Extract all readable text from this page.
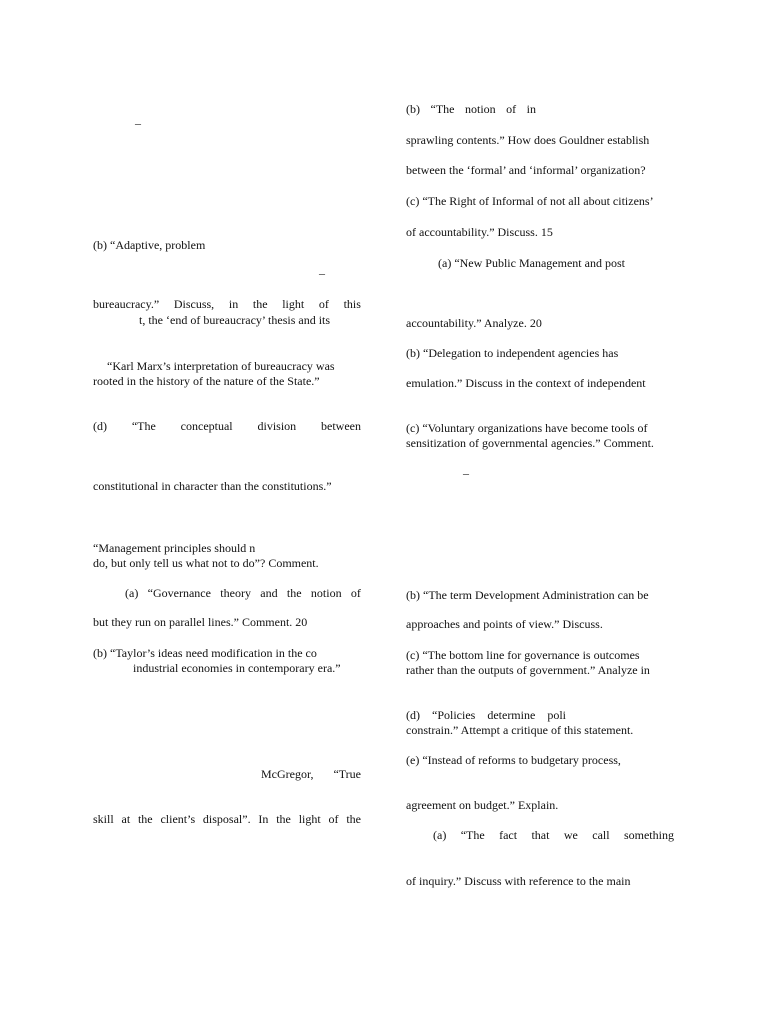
–
(b) “Adaptive, problem
–
bureaucracy.” Discuss, in the light of this
t, the ‘end of bureaucracy’ thesis and its
“Karl Marx’s interpretation of bureaucracy was
rooted in the history of the nature of the State.”
(d) “The conceptual division between
constitutional in character than the constitutions.”
“Management principles should n
do, but only tell us what not to do”? Comment.
(a) “Governance theory and the notion of
but they run on parallel lines.” Comment. 20
(b) “Taylor’s ideas need modification in the co
industrial economies in contemporary era.”
McGregor, “True
skill at the client’s disposal”. In the light of the
(b) “The notion of in
sprawling contents.” How does Gouldner establish
between the ‘formal’ and ‘informal’ organization?
(c) “The Right of Informal of not all about citizens’
of accountability.” Discuss. 15
(a) “New Public Management and post
accountability.” Analyze. 20
(b) “Delegation to independent agencies has
emulation.” Discuss in the context of independent
(c) “Voluntary organizations have become tools of
sensitization of governmental agencies.” Comment.
–
(b) “The term Development Administration can be
approaches and points of view.” Discuss.
(c) “The bottom line for governance is outcomes
rather than the outputs of government.” Analyze in
(d) “Policies determine poli
constrain.” Attempt a critique of this statement.
(e) “Instead of reforms to budgetary process,
agreement on budget.” Explain.
(a) “The fact that we call something
of inquiry.” Discuss with reference to the main
